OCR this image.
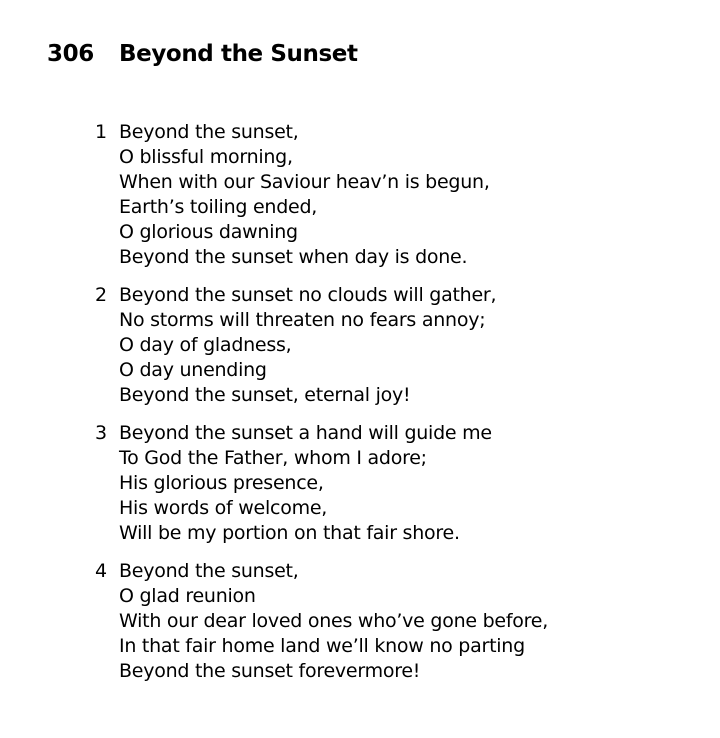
306 Beyond the Sunset
1 Beyond the sunset,
O blissful morning,
When with our Saviour heav’n is begun,
Earth’s toiling ended,
O glorious dawning
Beyond the sunset when day is done.
2 Beyond the sunset no clouds will gather,
No storms will threaten no fears annoy;
O day of gladness,
O day unending
Beyond the sunset, eternal joy!
3 Beyond the sunset a hand will guide me
To God the Father, whom I adore;
His glorious presence,
His words of welcome,
Will be my portion on that fair shore.
4 Beyond the sunset,
O glad reunion
With our dear loved ones who’ve gone before,
In that fair home land we’ll know no parting
Beyond the sunset forevermore!
